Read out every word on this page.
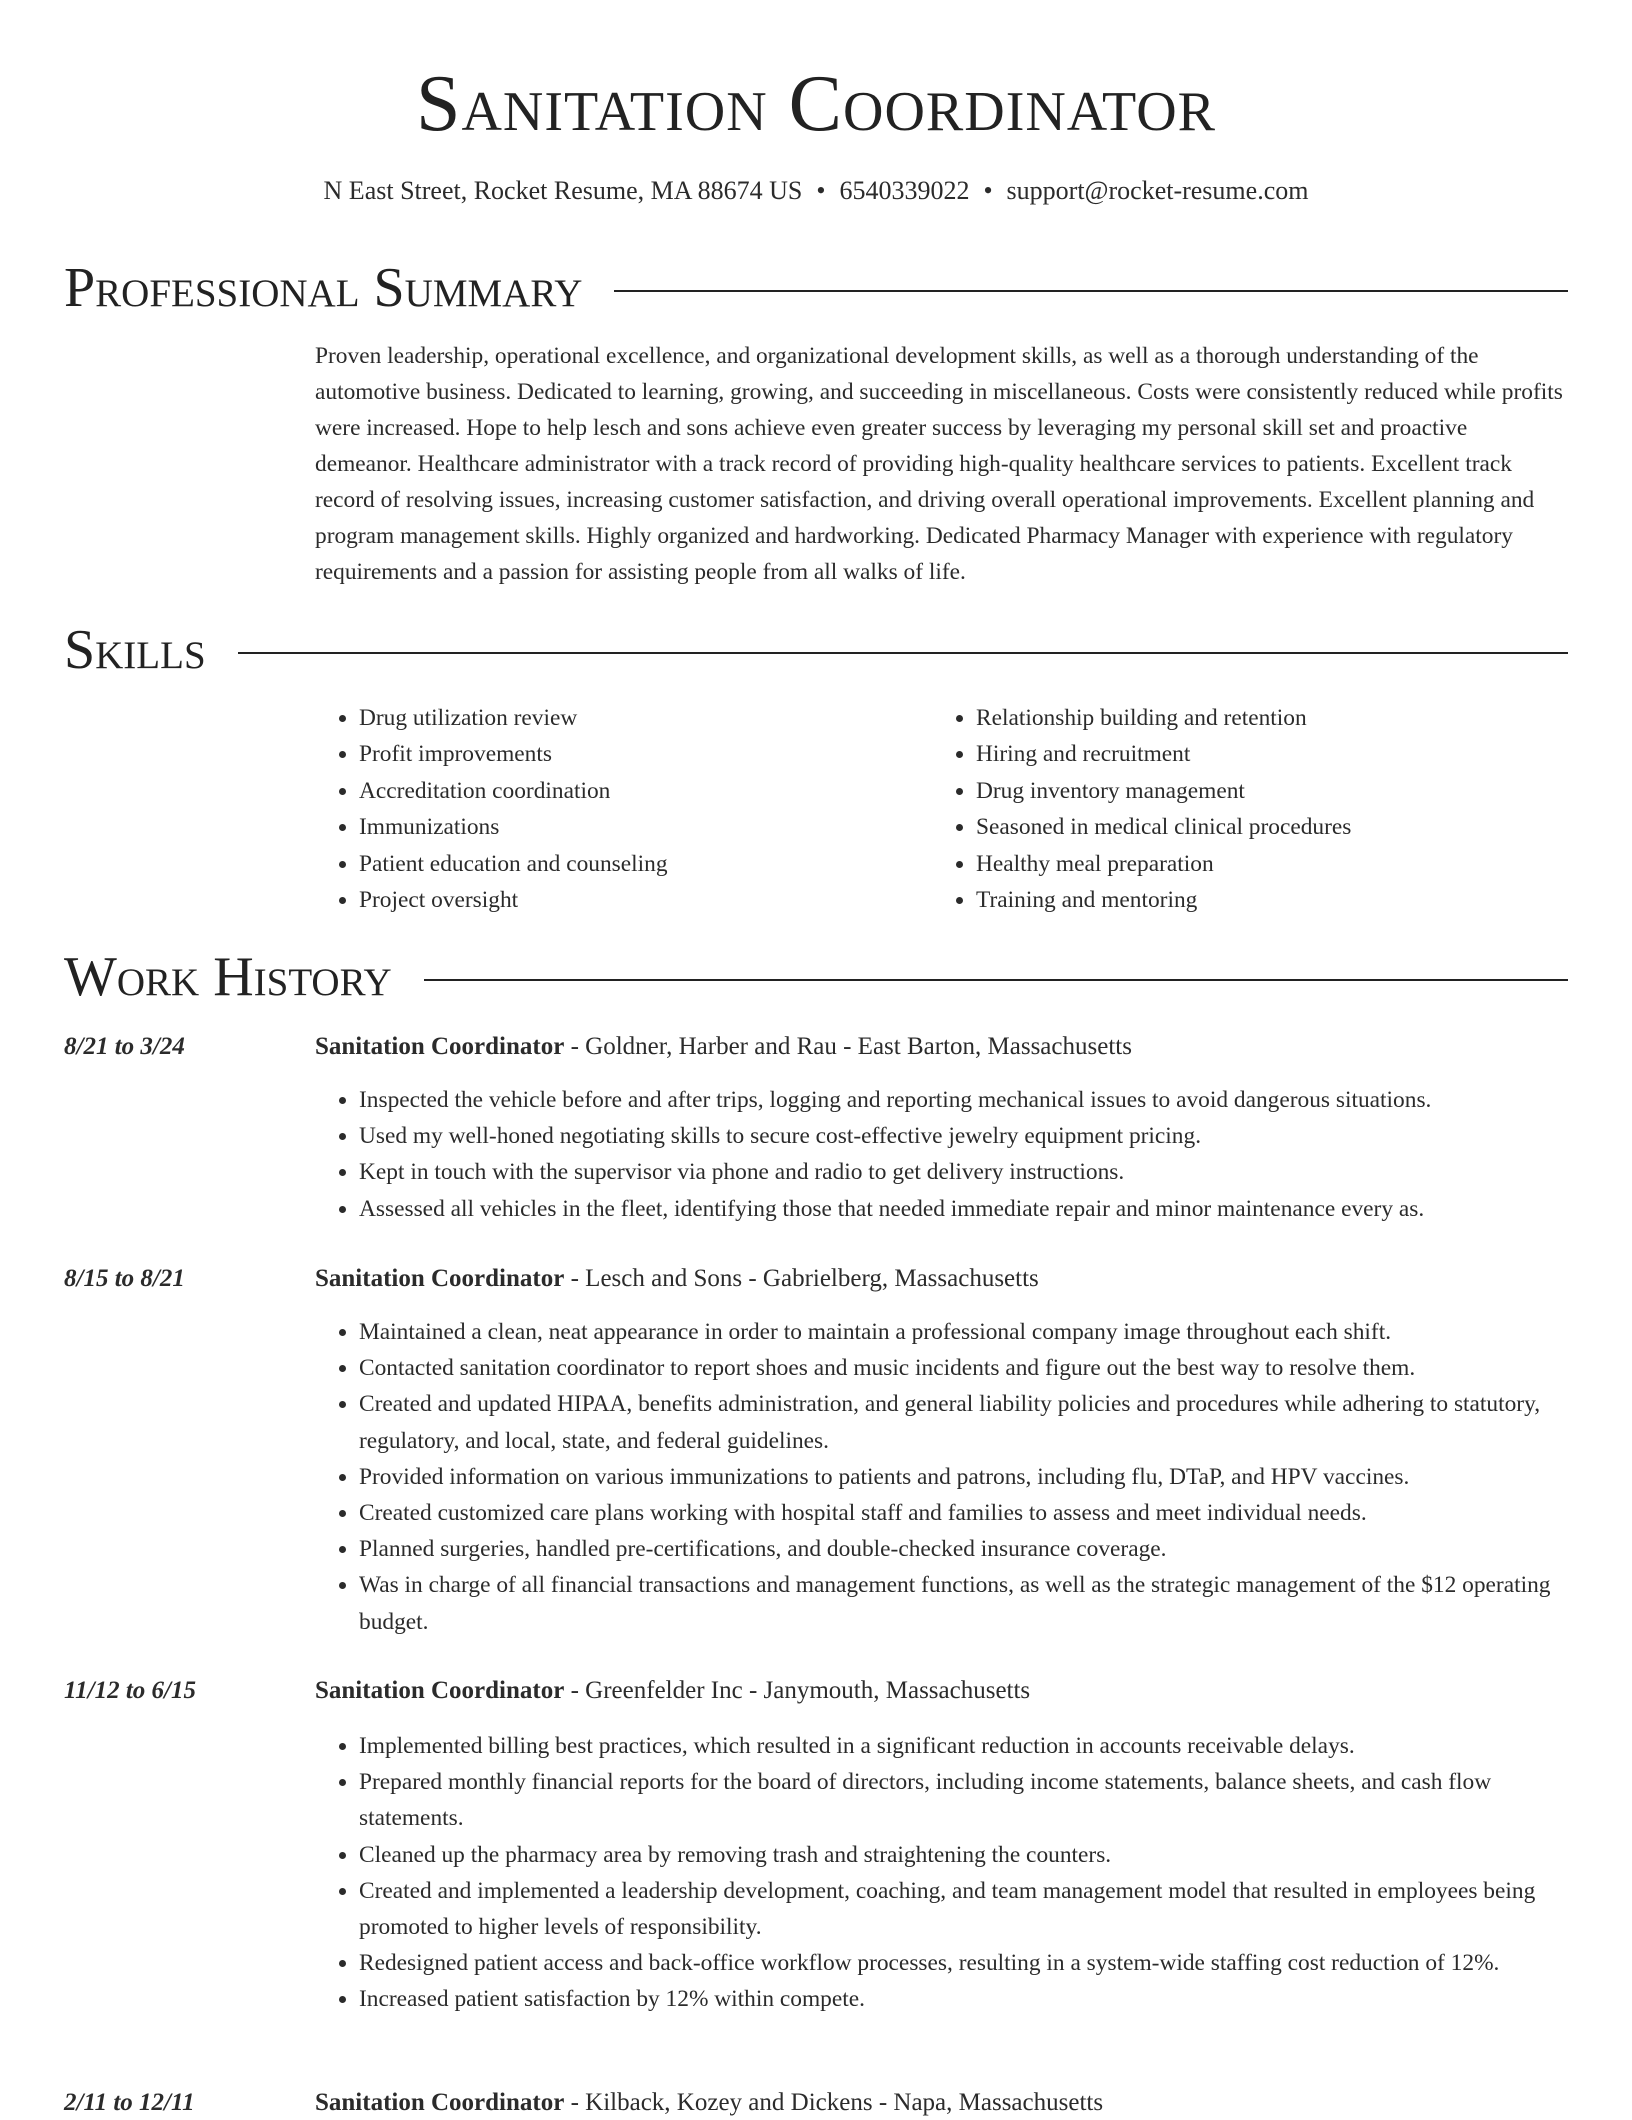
Sanitation Coordinator
N East Street, Rocket Resume, MA 88674 US • 6540339022 • support@rocket-resume.com
Professional Summary
Proven leadership, operational excellence, and organizational development skills, as well as a thorough understanding of the automotive business. Dedicated to learning, growing, and succeeding in miscellaneous. Costs were consistently reduced while profits were increased. Hope to help lesch and sons achieve even greater success by leveraging my personal skill set and proactive demeanor. Healthcare administrator with a track record of providing high-quality healthcare services to patients. Excellent track record of resolving issues, increasing customer satisfaction, and driving overall operational improvements. Excellent planning and program management skills. Highly organized and hardworking. Dedicated Pharmacy Manager with experience with regulatory requirements and a passion for assisting people from all walks of life.
Skills
• Drug utilization review
• Profit improvements
• Accreditation coordination
• Immunizations
• Patient education and counseling
• Project oversight
• Relationship building and retention
• Hiring and recruitment
• Drug inventory management
• Seasoned in medical clinical procedures
• Healthy meal preparation
• Training and mentoring
Work History
8/21 to 3/24	Sanitation Coordinator - Goldner, Harber and Rau - East Barton, Massachusetts
• Inspected the vehicle before and after trips, logging and reporting mechanical issues to avoid dangerous situations.
• Used my well-honed negotiating skills to secure cost-effective jewelry equipment pricing.
• Kept in touch with the supervisor via phone and radio to get delivery instructions.
• Assessed all vehicles in the fleet, identifying those that needed immediate repair and minor maintenance every as.
8/15 to 8/21	Sanitation Coordinator - Lesch and Sons - Gabrielberg, Massachusetts
• Maintained a clean, neat appearance in order to maintain a professional company image throughout each shift.
• Contacted sanitation coordinator to report shoes and music incidents and figure out the best way to resolve them.
• Created and updated HIPAA, benefits administration, and general liability policies and procedures while adhering to statutory, regulatory, and local, state, and federal guidelines.
• Provided information on various immunizations to patients and patrons, including flu, DTaP, and HPV vaccines.
• Created customized care plans working with hospital staff and families to assess and meet individual needs.
• Planned surgeries, handled pre-certifications, and double-checked insurance coverage.
• Was in charge of all financial transactions and management functions, as well as the strategic management of the $12 operating budget.
11/12 to 6/15	Sanitation Coordinator - Greenfelder Inc - Janymouth, Massachusetts
• Implemented billing best practices, which resulted in a significant reduction in accounts receivable delays.
• Prepared monthly financial reports for the board of directors, including income statements, balance sheets, and cash flow statements.
• Cleaned up the pharmacy area by removing trash and straightening the counters.
• Created and implemented a leadership development, coaching, and team management model that resulted in employees being promoted to higher levels of responsibility.
• Redesigned patient access and back-office workflow processes, resulting in a system-wide staffing cost reduction of 12%.
• Increased patient satisfaction by 12% within compete.
2/11 to 12/11	Sanitation Coordinator - Kilback, Kozey and Dickens - Napa, Massachusetts
